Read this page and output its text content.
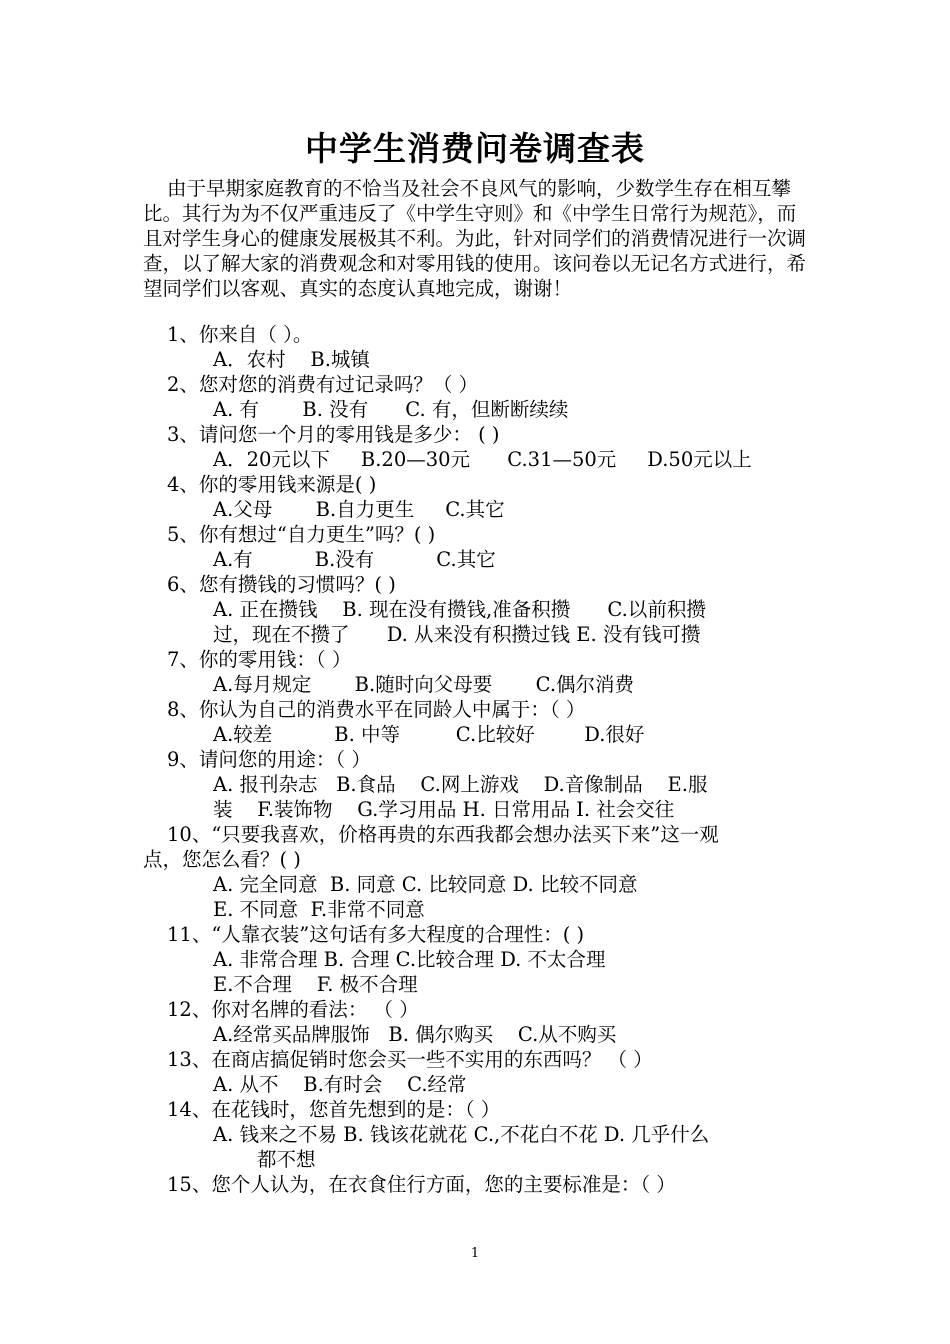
中学生消费问卷调查表
由于早期家庭教育的不恰当及社会不良风气的影响，少数学生存在相互攀比。其行为为不仅严重违反了《中学生守则》和《中学生日常行为规范》，而且对学生身心的健康发展极其不利。为此，针对同学们的消费情况进行一次调查，以了解大家的消费观念和对零用钱的使用。该问卷以无记名方式进行，希望同学们以客观、真实的态度认真地完成，谢谢！
1、你来自（ ）。
A．农村    B.城镇
2、您对您的消费有过记录吗？（ ）
A. 有       B. 没有      C. 有，但断断续续
3、请问您一个月的零用钱是多少： ( )
A．20元以下     B.20—30元      C.31—50元     D.50元以上
4、你的零用钱来源是( )
A.父母       B.自力更生     C.其它
5、你有想过“自力更生”吗？( )
A.有          B.没有          C.其它
6、您有攒钱的习惯吗？( )
A. 正在攒钱    B. 现在没有攒钱,准备积攒      C.以前积攒
过，现在不攒了      D. 从来没有积攒过钱 E. 没有钱可攒
7、你的零用钱：（ ）
A.每月规定       B.随时向父母要       C.偶尔消费
8、你认为自己的消费水平在同龄人中属于：（ ）
A.较差          B. 中等         C.比较好        D.很好
9、请问您的用途：（ ）
A. 报刊杂志   B.食品    C.网上游戏    D.音像制品    E.服
装    F.装饰物    G.学习用品 H. 日常用品 I. 社会交往
10、“只要我喜欢，价格再贵的东西我都会想办法买下来”这一观
点，您怎么看？( )
A. 完全同意  B. 同意 C. 比较同意 D. 比较不同意
E. 不同意  F.非常不同意
11、“人靠衣装”这句话有多大程度的合理性：( )
A. 非常合理 B. 合理 C.比较合理 D. 不太合理
E.不合理    F. 极不合理
12、你对名牌的看法： （ ）
A.经常买品牌服饰   B. 偶尔购买    C.从不购买
13、在商店搞促销时您会买一些不实用的东西吗？ （ ）
A. 从不    B.有时会    C.经常
14、在花钱时，您首先想到的是：（ ）
A. 钱来之不易 B. 钱该花就花 C.,不花白不花 D. 几乎什么
都不想
15、您个人认为，在衣食住行方面，您的主要标准是：（ ）
1
